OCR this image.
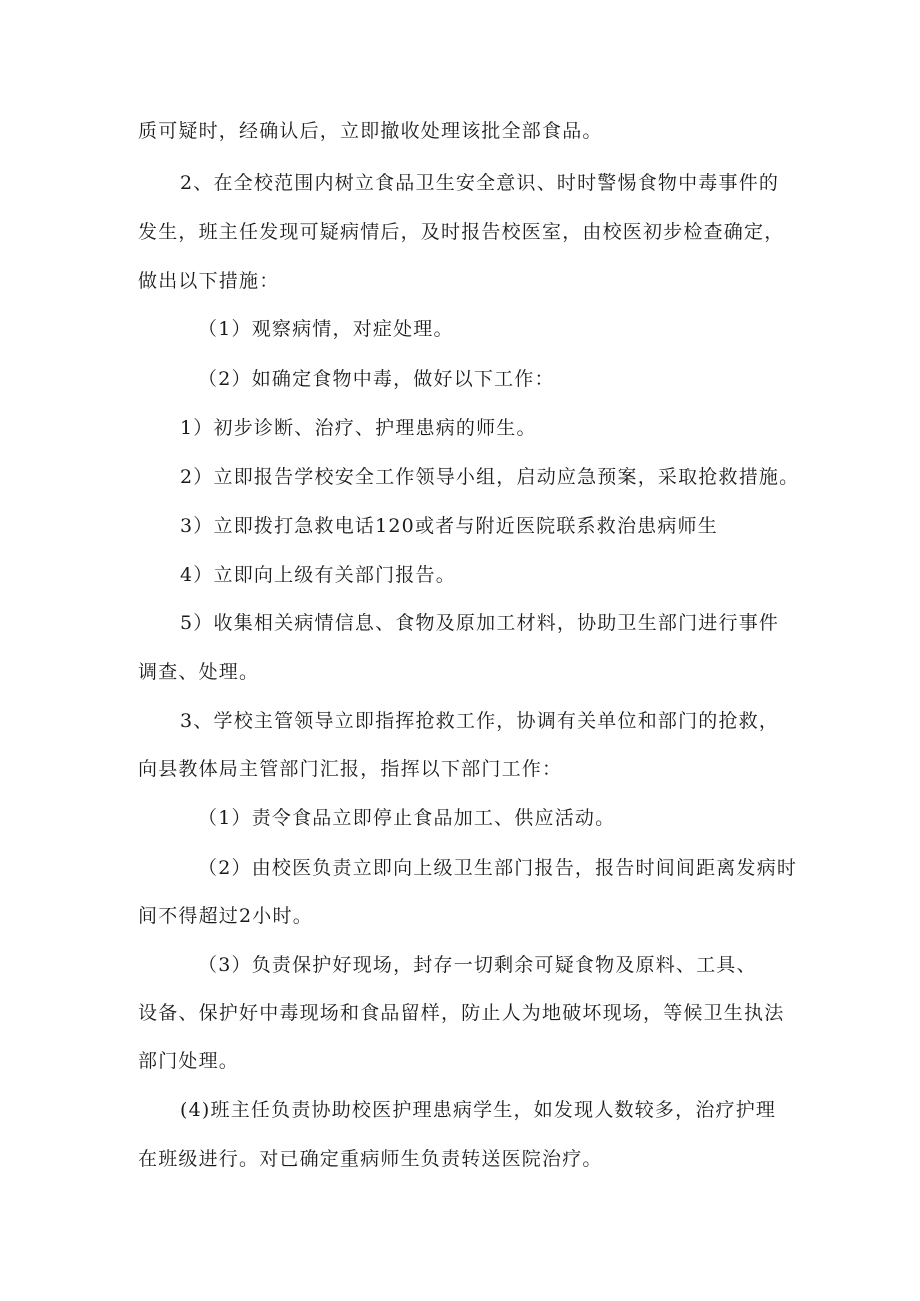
质可疑时，经确认后，立即撤收处理该批全部食品。
2、在全校范围内树立食品卫生安全意识、时时警惕食物中毒事件的
发生，班主任发现可疑病情后，及时报告校医室，由校医初步检查确定，
做出以下措施：
（1）观察病情，对症处理。
（2）如确定食物中毒，做好以下工作：
1）初步诊断、治疗、护理患病的师生。
2）立即报告学校安全工作领导小组，启动应急预案，采取抢救措施。
3）立即拨打急救电话120或者与附近医院联系救治患病师生
4）立即向上级有关部门报告。
5）收集相关病情信息、食物及原加工材料，协助卫生部门进行事件
调查、处理。
3、学校主管领导立即指挥抢救工作，协调有关单位和部门的抢救，
向县教体局主管部门汇报，指挥以下部门工作：
（1）责令食品立即停止食品加工、供应活动。
（2）由校医负责立即向上级卫生部门报告，报告时间间距离发病时
间不得超过2小时。
（3）负责保护好现场，封存一切剩余可疑食物及原料、工具、
设备、保护好中毒现场和食品留样，防止人为地破坏现场，等候卫生执法
部门处理。
(4)班主任负责协助校医护理患病学生，如发现人数较多，治疗护理
在班级进行。对已确定重病师生负责转送医院治疗。
